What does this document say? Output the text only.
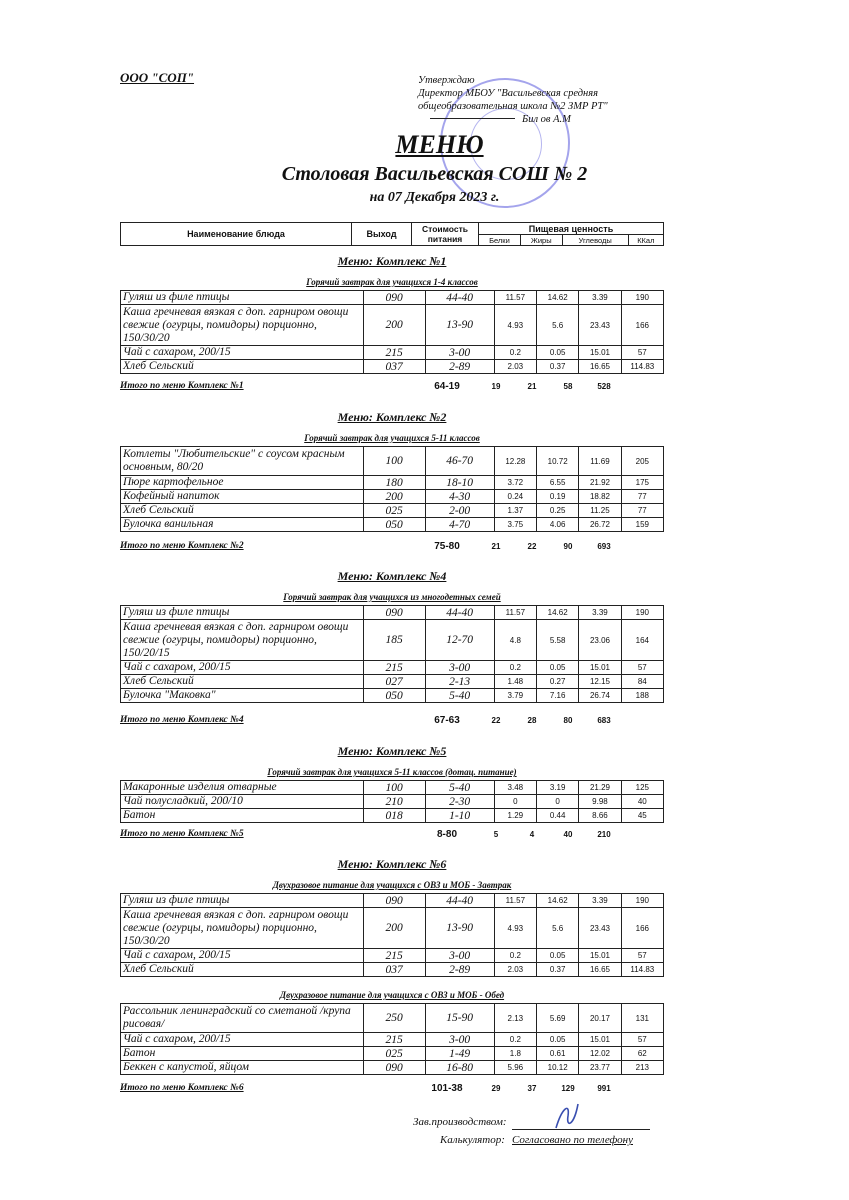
ООО "СОП"	Утверждаю
Директор МБОУ "Васильевская средняя
общеобразовательная школа №2 ЗМР РТ"
Бил ов А.М
МЕНЮ
Столовая Васильевская СОШ № 2
на 07 Декабря 2023 г.
Наименование блюда	Выход	Стоимость питания	Пищевая ценность			
			Белки	Жиры	Углеводы	ККал
Меню: Комплекс №1
Горячий завтрак для учащихся 1-4 классов
Гуляш из филе птицы	090	44-40	11.57	14.62	3.39	190
Каша гречневая вязкая с доп. гарниром овощи свежие (огурцы, помидоры) порционно, 150/30/20	200	13-90	4.93	5.6	23.43	166
Чай с сахаром, 200/15	215	3-00	0.2	0.05	15.01	57
Хлеб Сельский	037	2-89	2.03	0.37	16.65	114.83
Итого по меню Комплекс №1	64-19	19	21	58	528
Меню: Комплекс №2
Горячий завтрак для учащихся 5-11 классов
Котлеты "Любительские" с соусом красным основным, 80/20	100	46-70	12.28	10.72	11.69	205
Пюре картофельное	180	18-10	3.72	6.55	21.92	175
Кофейный напиток	200	4-30	0.24	0.19	18.82	77
Хлеб Сельский	025	2-00	1.37	0.25	11.25	77
Булочка ванильная	050	4-70	3.75	4.06	26.72	159
Итого по меню Комплекс №2	75-80	21	22	90	693
Меню: Комплекс №4
Горячий завтрак для учащихся из многодетных семей
Гуляш из филе птицы	090	44-40	11.57	14.62	3.39	190
Каша гречневая вязкая с доп. гарниром овощи свежие (огурцы, помидоры) порционно, 150/20/15	185	12-70	4.8	5.58	23.06	164
Чай с сахаром, 200/15	215	3-00	0.2	0.05	15.01	57
Хлеб Сельский	027	2-13	1.48	0.27	12.15	84
Булочка "Маковка"	050	5-40	3.79	7.16	26.74	188
Итого по меню Комплекс №4	67-63	22	28	80	683
Меню: Комплекс №5
Горячий завтрак для учащихся 5-11 классов (дотац. питание)
Макаронные изделия отварные	100	5-40	3.48	3.19	21.29	125
Чай полусладкий, 200/10	210	2-30	0	0	9.98	40
Батон	018	1-10	1.29	0.44	8.66	45
Итого по меню Комплекс №5	8-80	5	4	40	210
Меню: Комплекс №6
Двухразовое питание для учащихся с ОВЗ и МОБ - Завтрак
Гуляш из филе птицы	090	44-40	11.57	14.62	3.39	190
Каша гречневая вязкая с доп. гарниром овощи свежие (огурцы, помидоры) порционно, 150/30/20	200	13-90	4.93	5.6	23.43	166
Чай с сахаром, 200/15	215	3-00	0.2	0.05	15.01	57
Хлеб Сельский	037	2-89	2.03	0.37	16.65	114.83
Двухразовое питание для учащихся с ОВЗ и МОБ - Обед
Рассольник ленинградский со сметаной /крупа рисовая/	250	15-90	2.13	5.69	20.17	131
Чай с сахаром, 200/15	215	3-00	0.2	0.05	15.01	57
Батон	025	1-49	1.8	0.61	12.02	62
Беккен с капустой, яйцом	090	16-80	5.96	10.12	23.77	213
Итого по меню Комплекс №6	101-38	29	37	129	991
Зав.производством:
Калькулятор: Согласовано по телефону
